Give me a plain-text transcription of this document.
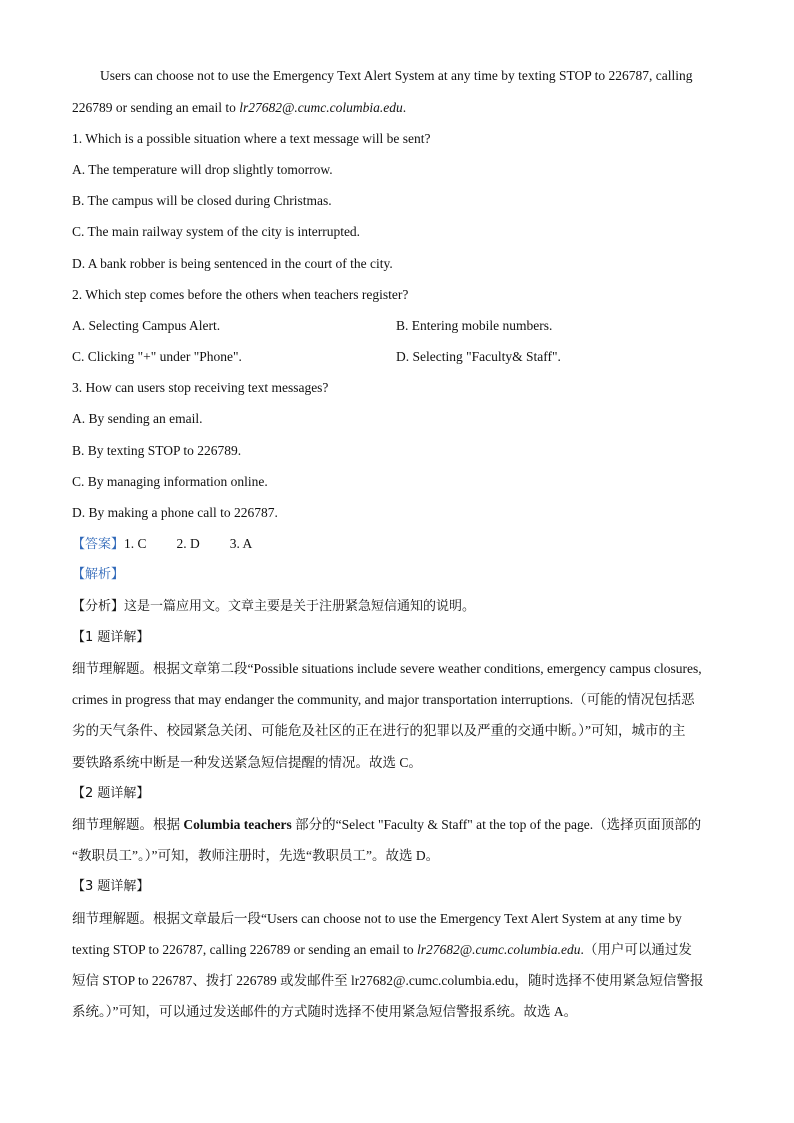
Users can choose not to use the Emergency Text Alert System at any time by texting STOP to 226787, calling
226789 or sending an email to lr27682@.cumc.columbia.edu.
1. Which is a possible situation where a text message will be sent?
A. The temperature will drop slightly tomorrow.
B. The campus will be closed during Christmas.
C. The main railway system of the city is interrupted.
D. A bank robber is being sentenced in the court of the city.
2. Which step comes before the others when teachers register?
A. Selecting Campus Alert.	B. Entering mobile numbers.
C. Clicking "+" under "Phone".	D. Selecting "Faculty& Staff".
3. How can users stop receiving text messages?
A. By sending an email.
B. By texting STOP to 226789.
C. By managing information online.
D. By making a phone call to 226787.
【答案】1. C 2. D 3. A
【解析】
【分析】这是一篇应用文。文章主要是关于注册紧急短信通知的说明。
【1 题详解】
细节理解题。根据文章第二段“Possible situations include severe weather conditions, emergency campus closures,
crimes in progress that may endanger the community, and major transportation interruptions.（可能的情况包括恶
劣的天气条件、校园紧急关闭、可能危及社区的正在进行的犯罪以及严重的交通中断。）”可知，城市的主
要铁路系统中断是一种发送紧急短信提醒的情况。故选 C。
【2 题详解】
细节理解题。根据 Columbia teachers 部分的“Select "Faculty & Staff" at the top of the page.（选择页面顶部的
“教职员工”。）”可知，教师注册时，先选“教职员工”。故选 D。
【3 题详解】
细节理解题。根据文章最后一段“Users can choose not to use the Emergency Text Alert System at any time by
texting STOP to 226787, calling 226789 or sending an email to lr27682@.cumc.columbia.edu.（用户可以通过发
短信 STOP to 226787、拨打 226789 或发邮件至 lr27682@.cumc.columbia.edu，随时选择不使用紧急短信警报
系统。）”可知，可以通过发送邮件的方式随时选择不使用紧急短信警报系统。故选 A。
